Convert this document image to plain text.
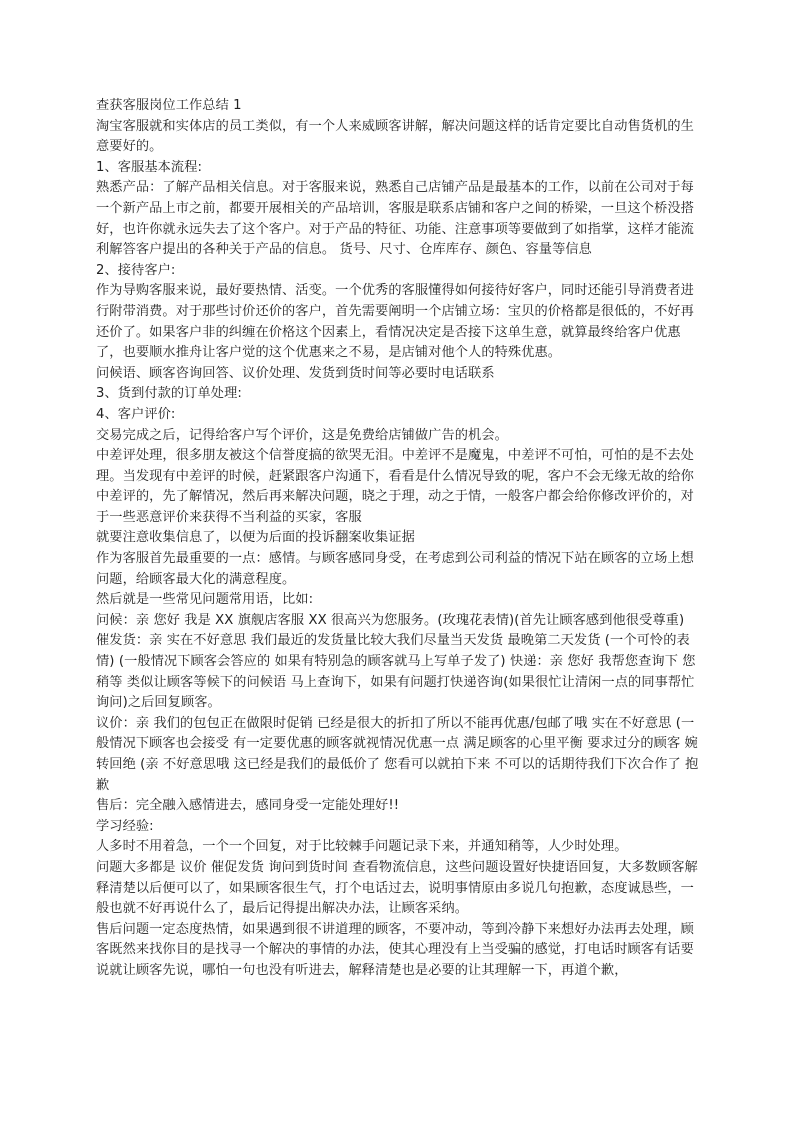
查获客服岗位工作总结 1

淘宝客服就和实体店的员工类似，有一个人来威顾客讲解，解决问题这样的话肯定要比自动售货机的生意要好的。

1、客服基本流程:

熟悉产品：了解产品相关信息。对于客服来说，熟悉自己店铺产品是最基本的工作，以前在公司对于每一个新产品上市之前，都要开展相关的产品培训，客服是联系店铺和客户之间的桥梁，一旦这个桥没搭好，也许你就永远失去了这个客户。对于产品的特征、功能、注意事项等要做到了如指掌，这样才能流利解答客户提出的各种关于产品的信息。 货号、尺寸、仓库库存、颜色、容量等信息

2、接待客户:

作为导购客服来说，最好要热情、活变。一个优秀的客服懂得如何接待好客户，同时还能引导消费者进行附带消费。对于那些讨价还价的客户，首先需要阐明一个店铺立场：宝贝的价格都是很低的，不好再还价了。如果客户非的纠缠在价格这个因素上，看情况决定是否接下这单生意，就算最终给客户优惠了，也要顺水推舟让客户觉的这个优惠来之不易，是店铺对他个人的特殊优惠。

问候语、顾客咨询回答、议价处理、发货到货时间等必要时电话联系

3、货到付款的订单处理:

4、客户评价:

交易完成之后，记得给客户写个评价，这是免费给店铺做广告的机会。

中差评处理，很多朋友被这个信誉度搞的欲哭无泪。中差评不是魔鬼，中差评不可怕，可怕的是不去处理。当发现有中差评的时候，赶紧跟客户沟通下，看看是什么情况导致的呢，客户不会无缘无故的给你中差评的，先了解情况，然后再来解决问题，晓之于理，动之于情，一般客户都会给你修改评价的，对于一些恶意评价来获得不当利益的买家，客服

就要注意收集信息了，以便为后面的投诉翻案收集证据

作为客服首先最重要的一点：感情。与顾客感同身受，在考虑到公司利益的情况下站在顾客的立场上想问题，给顾客最大化的满意程度。

然后就是一些常见问题常用语，比如:

问候：亲 您好 我是 XX 旗舰店客服 XX 很高兴为您服务。(玫瑰花表情)(首先让顾客感到他很受尊重)

催发货：亲 实在不好意思 我们最近的发货量比较大我们尽量当天发货 最晚第二天发货 (一个可怜的表情) (一般情况下顾客会答应的 如果有特别急的顾客就马上写单子发了) 快递：亲 您好 我帮您查询下 您稍等 类似让顾客等候下的问候语 马上查询下，如果有问题打快递咨询(如果很忙让清闲一点的同事帮忙询问)之后回复顾客。

议价：亲 我们的包包正在做限时促销 已经是很大的折扣了所以不能再优惠/包邮了哦 实在不好意思 (一般情况下顾客也会接受 有一定要优惠的顾客就视情况优惠一点 满足顾客的心里平衡 要求过分的顾客 婉转回绝 (亲 不好意思哦 这已经是我们的最低价了 您看可以就拍下来 不可以的话期待我们下次合作了 抱歉

售后：完全融入感情进去，感同身受一定能处理好!!

学习经验:

人多时不用着急，一个一个回复，对于比较棘手问题记录下来，并通知稍等，人少时处理。

问题大多都是 议价 催促发货 询问到货时间 查看物流信息，这些问题设置好快捷语回复，大多数顾客解释清楚以后便可以了，如果顾客很生气，打个电话过去，说明事情原由多说几句抱歉，态度诚恳些，一般也就不好再说什么了，最后记得提出解决办法，让顾客采纳。

售后问题一定态度热情，如果遇到很不讲道理的顾客，不要冲动，等到冷静下来想好办法再去处理，顾客既然来找你目的是找寻一个解决的事情的办法，使其心理没有上当受骗的感觉，打电话时顾客有话要说就让顾客先说，哪怕一句也没有听进去，解释清楚也是必要的让其理解一下，再道个歉，
